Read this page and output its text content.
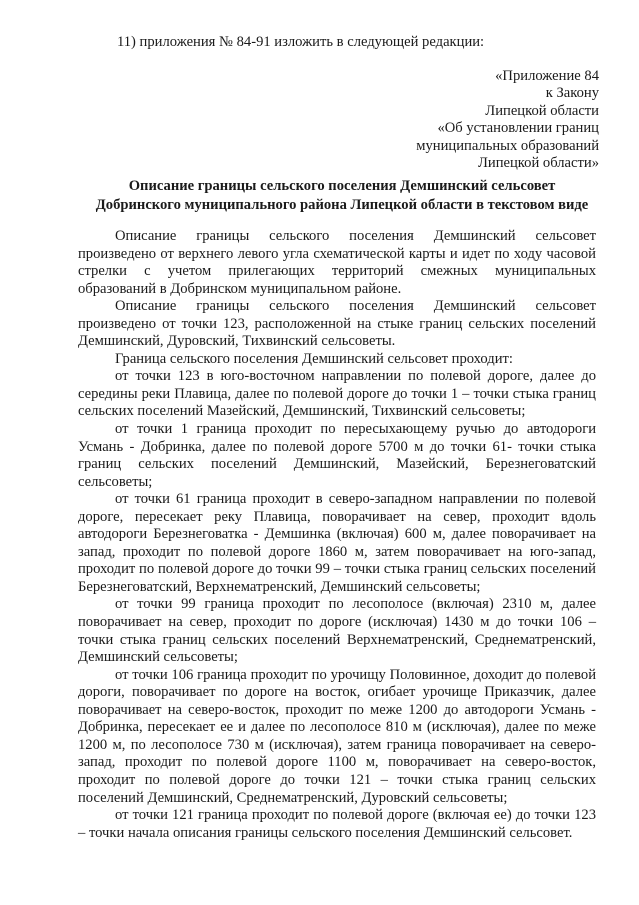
11) приложения № 84-91 изложить в следующей редакции:
«Приложение 84
к Закону
Липецкой области
«Об установлении границ
муниципальных образований
Липецкой области»
Описание границы сельского поселения Демшинский сельсовет
Добринского муниципального района Липецкой области в текстовом виде

Описание границы сельского поселения Демшинский сельсовет произведено от верхнего левого угла схематической карты и идет по ходу часовой стрелки с учетом прилегающих территорий смежных муниципальных образований в Добринском муниципальном районе.

Описание границы сельского поселения Демшинский сельсовет произведено от точки 123, расположенной на стыке границ сельских поселений Демшинский, Дуровский, Тихвинский сельсоветы.

Граница сельского поселения Демшинский сельсовет проходит:

от точки 123 в юго-восточном направлении по полевой дороге, далее до середины реки Плавица, далее по полевой дороге до точки 1 – точки стыка границ сельских поселений Мазейский, Демшинский, Тихвинский сельсоветы;

от точки 1 граница проходит по пересыхающему ручью до автодороги Усмань - Добринка, далее по полевой дороге 5700 м до точки 61- точки стыка границ сельских поселений Демшинский, Мазейский, Березнеговатский сельсоветы;

от точки 61 граница проходит в северо-западном направлении по полевой дороге, пересекает реку Плавица, поворачивает на север, проходит вдоль автодороги Березнеговатка - Демшинка (включая) 600 м, далее поворачивает на запад, проходит по полевой дороге 1860 м, затем поворачивает на юго-запад, проходит по полевой дороге до точки 99 – точки стыка границ сельских поселений Березнеговатский, Верхнематренский, Демшинский сельсоветы;

от точки 99 граница проходит по лесополосе (включая) 2310 м, далее поворачивает на север, проходит по дороге (исключая) 1430 м до точки 106 – точки стыка границ сельских поселений Верхнематренский, Среднематренский, Демшинский сельсоветы;

от точки 106 граница проходит по урочищу Половинное, доходит до полевой дороги, поворачивает по дороге на восток, огибает урочище Приказчик, далее поворачивает на северо-восток, проходит по меже 1200 до автодороги Усмань - Добринка, пересекает ее и далее по лесополосе 810 м (исключая), далее по меже 1200 м, по лесополосе 730 м (исключая), затем граница поворачивает на северо-запад, проходит по полевой дороге 1100 м, поворачивает на северо-восток, проходит по полевой дороге до точки 121 – точки стыка границ сельских поселений Демшинский, Среднематренский, Дуровский сельсоветы;

от точки 121 граница проходит по полевой дороге (включая ее) до точки 123 – точки начала описания границы сельского поселения Демшинский сельсовет.
